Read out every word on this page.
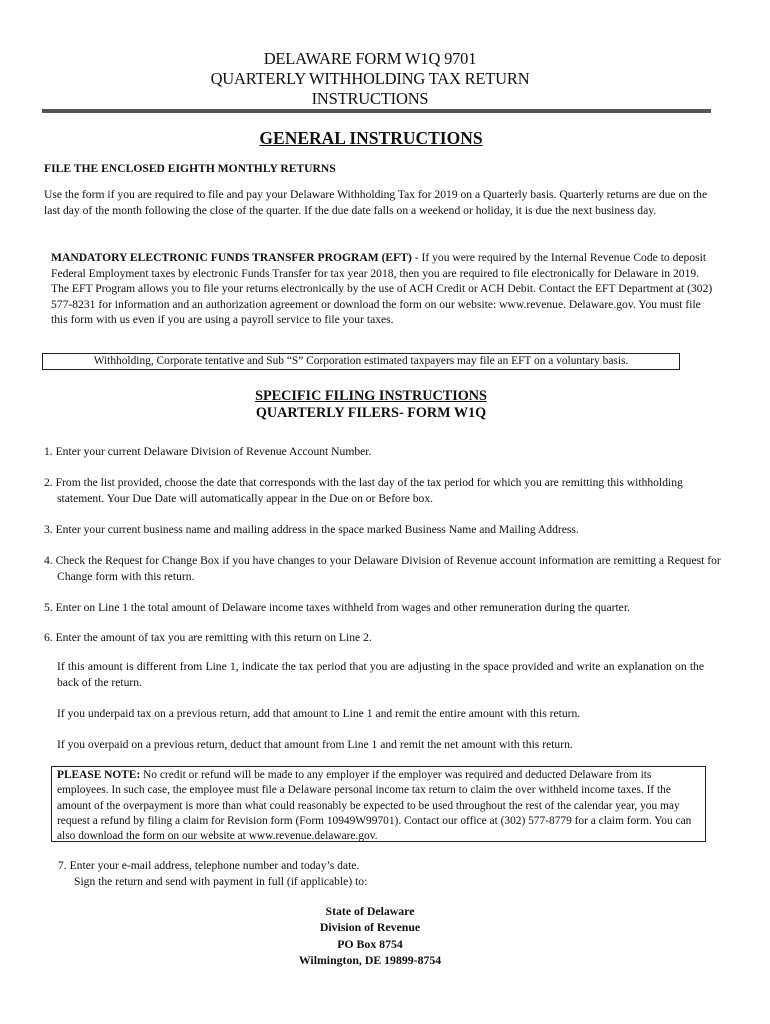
DELAWARE FORM W1Q 9701
QUARTERLY WITHHOLDING TAX RETURN
INSTRUCTIONS
GENERAL INSTRUCTIONS
FILE THE ENCLOSED EIGHTH MONTHLY RETURNS

Use the form if you are required to file and pay your Delaware Withholding Tax for 2019 on a Quarterly basis. Quarterly returns are due on the last day of the month following the close of the quarter. If the due date falls on a weekend or holiday, it is due the next business day.

MANDATORY ELECTRONIC FUNDS TRANSFER PROGRAM (EFT) - If you were required by the Internal Revenue Code to deposit Federal Employment taxes by electronic Funds Transfer for tax year 2018, then you are required to file electronically for Delaware in 2019. The EFT Program allows you to file your returns electronically by the use of ACH Credit or ACH Debit. Contact the EFT Department at (302) 577-8231 for information and an authorization agreement or download the form on our website: www.revenue. Delaware.gov. You must file this form with us even if you are using a payroll service to file your taxes.
Withholding, Corporate tentative and Sub “S” Corporation estimated taxpayers may file an EFT on a voluntary basis.
SPECIFIC FILING INSTRUCTIONS
QUARTERLY FILERS- FORM W1Q
1. Enter your current Delaware Division of Revenue Account Number.
2. From the list provided, choose the date that corresponds with the last day of the tax period for which you are remitting this withholding statement. Your Due Date will automatically appear in the Due on or Before box.
3. Enter your current business name and mailing address in the space marked Business Name and Mailing Address.
4. Check the Request for Change Box if you have changes to your Delaware Division of Revenue account information are remitting a Request for Change form with this return.
5. Enter on Line 1 the total amount of Delaware income taxes withheld from wages and other remuneration during the quarter.
6. Enter the amount of tax you are remitting with this return on Line 2.
If this amount is different from Line 1, indicate the tax period that you are adjusting in the space provided and write an explanation on the back of the return.
If you underpaid tax on a previous return, add that amount to Line 1 and remit the entire amount with this return.
If you overpaid on a previous return, deduct that amount from Line 1 and remit the net amount with this return.
PLEASE NOTE: No credit or refund will be made to any employer if the employer was required and deducted Delaware from its employees. In such case, the employee must file a Delaware personal income tax return to claim the over withheld income taxes. If the amount of the overpayment is more than what could reasonably be expected to be used throughout the rest of the calendar year, you may request a refund by filing a claim for Revision form (Form 10949W99701). Contact our office at (302) 577-8779 for a claim form. You can also download the form on our website at www.revenue.delaware.gov.
7. Enter your e-mail address, telephone number and today’s date.
Sign the return and send with payment in full (if applicable) to:
State of Delaware
Division of Revenue
PO Box 8754
Wilmington, DE 19899-8754
